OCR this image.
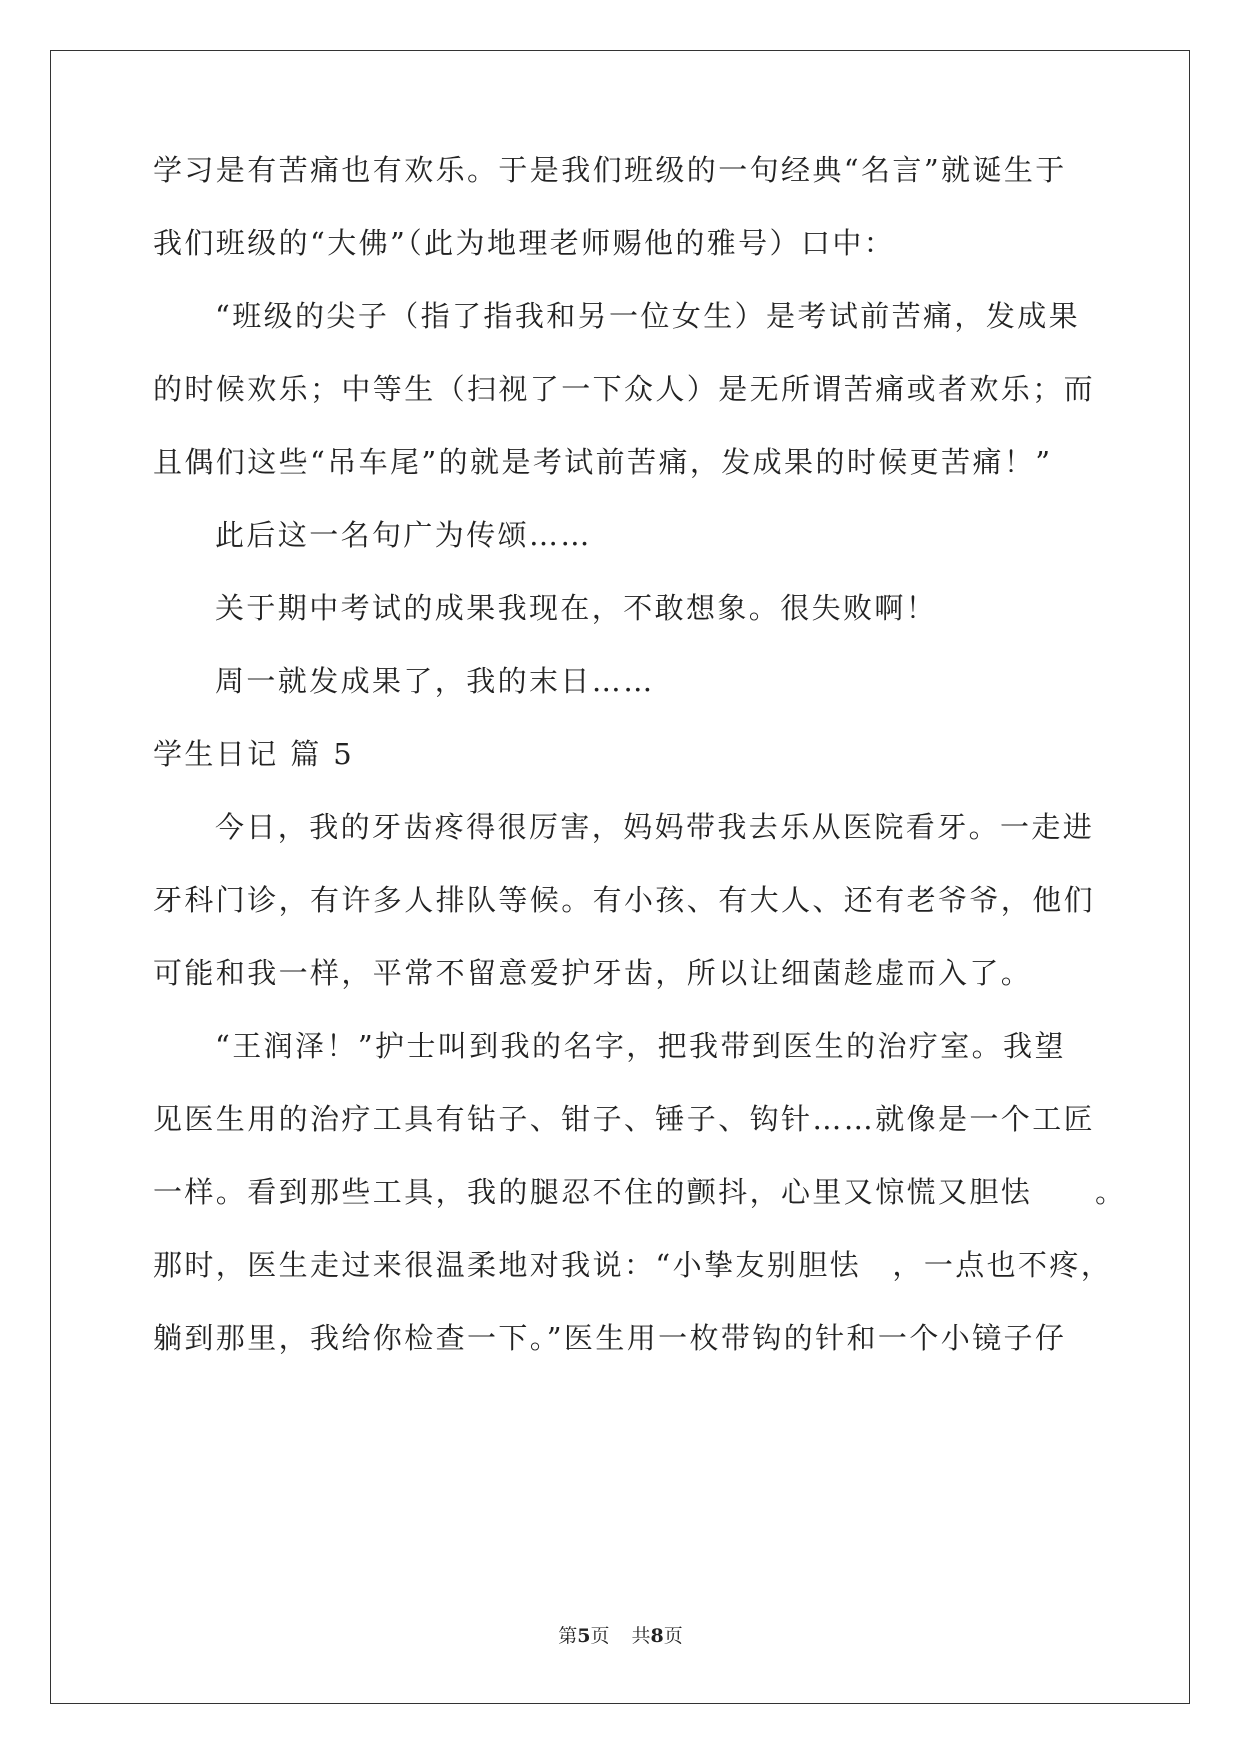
学习是有苦痛也有欢乐。于是我们班级的一句经典“名言”就诞生于
我们班级的“大佛”（此为地理老师赐他的雅号）口中：
“班级的尖子（指了指我和另一位女生）是考试前苦痛，发成果
的时候欢乐；中等生（扫视了一下众人）是无所谓苦痛或者欢乐；而
且偶们这些“吊车尾”的就是考试前苦痛，发成果的时候更苦痛！”
此后这一名句广为传颂……
关于期中考试的成果我现在，不敢想象。很失败啊！
周一就发成果了，我的末日……
学生日记 篇 5
今日，我的牙齿疼得很厉害，妈妈带我去乐从医院看牙。一走进
牙科门诊，有许多人排队等候。有小孩、有大人、还有老爷爷，他们
可能和我一样，平常不留意爱护牙齿，所以让细菌趁虚而入了。
“王润泽！”护士叫到我的名字，把我带到医生的治疗室。我望
见医生用的治疗工具有钻子、钳子、锤子、钩针……就像是一个工匠
一样。看到那些工具，我的腿忍不住的颤抖，心里又惊慌又胆怯　　。
那时，医生走过来很温柔地对我说：“小挚友别胆怯　，一点也不疼，
躺到那里，我给你检查一下。”医生用一枚带钩的针和一个小镜子仔
第5页 共8页
